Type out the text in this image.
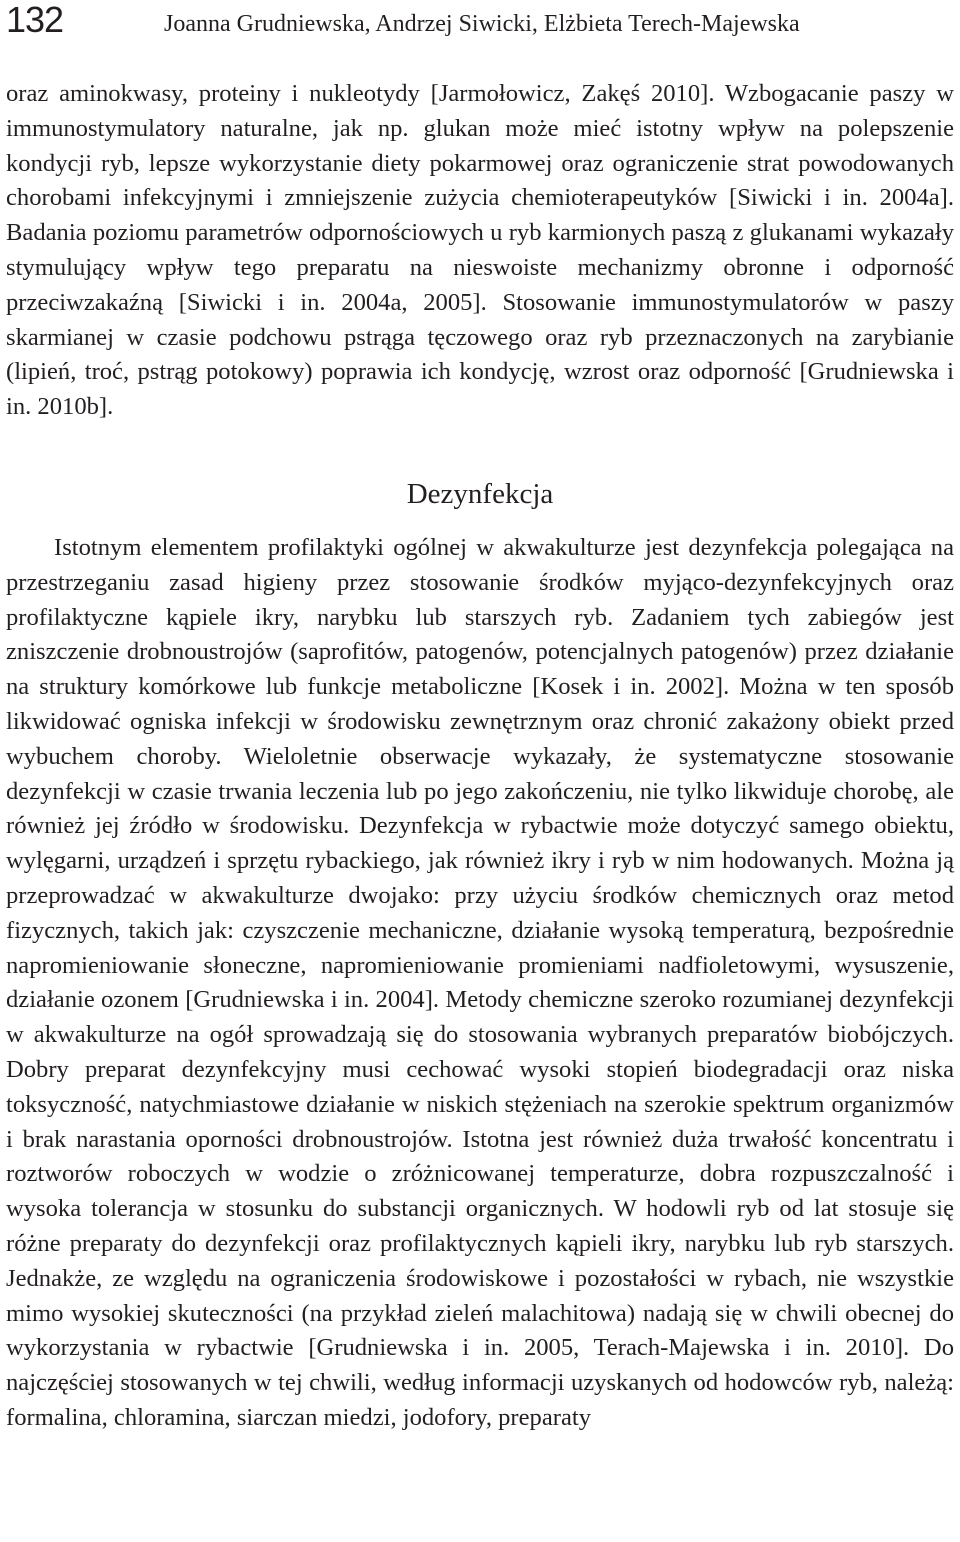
132	Joanna Grudniewska, Andrzej Siwicki, Elżbieta Terech-Majewska

oraz aminokwasy, proteiny i nukleotydy [Jarmołowicz, Zakęś 2010]. Wzbogacanie paszy w immunostymulatory naturalne, jak np. glukan może mieć istotny wpływ na polepszenie kondycji ryb, lepsze wykorzystanie diety pokarmowej oraz ograniczenie strat powodowanych chorobami infekcyjnymi i zmniejszenie zużycia chemioterapeutyków [Siwicki i in. 2004a]. Badania poziomu parametrów odpornościowych u ryb karmionych paszą z glukanami wykazały stymulujący wpływ tego preparatu na nieswoiste mechanizmy obronne i odporność przeciwzakaźną [Siwicki i in. 2004a, 2005]. Stosowanie immunostymulatorów w paszy skarmianej w czasie podchowu pstrąga tęczowego oraz ryb przeznaczonych na zarybianie (lipień, troć, pstrąg potokowy) poprawia ich kondycję, wzrost oraz odporność [Grudniewska i in. 2010b].

Dezynfekcja

Istotnym elementem profilaktyki ogólnej w akwakulturze jest dezynfekcja polegająca na przestrzeganiu zasad higieny przez stosowanie środków myjąco-dezynfekcyjnych oraz profilaktyczne kąpiele ikry, narybku lub starszych ryb. Zadaniem tych zabiegów jest zniszczenie drobnoustrojów (saprofitów, patogenów, potencjalnych patogenów) przez działanie na struktury komórkowe lub funkcje metaboliczne [Kosek i in. 2002]. Można w ten sposób likwidować ogniska infekcji w środowisku zewnętrznym oraz chronić zakażony obiekt przed wybuchem choroby. Wieloletnie obserwacje wykazały, że systematyczne stosowanie dezynfekcji w czasie trwania leczenia lub po jego zakończeniu, nie tylko likwiduje chorobę, ale również jej źródło w środowisku. Dezynfekcja w rybactwie może dotyczyć samego obiektu, wylęgarni, urządzeń i sprzętu rybackiego, jak również ikry i ryb w nim hodowanych. Można ją przeprowadzać w akwakulturze dwojako: przy użyciu środków chemicznych oraz metod fizycznych, takich jak: czyszczenie mechaniczne, działanie wysoką temperaturą, bezpośrednie napromieniowanie słoneczne, napromieniowanie promieniami nadfioletowymi, wysuszenie, działanie ozonem [Grudniewska i in. 2004]. Metody chemiczne szeroko rozumianej dezynfekcji w akwakulturze na ogół sprowadzają się do stosowania wybranych preparatów biobójczych. Dobry preparat dezynfekcyjny musi cechować wysoki stopień biodegradacji oraz niska toksyczność, natychmiastowe działanie w niskich stężeniach na szerokie spektrum organizmów i brak narastania oporności drobnoustrojów. Istotna jest również duża trwałość koncentratu i roztworów roboczych w wodzie o zróżnicowanej temperaturze, dobra rozpuszczalność i wysoka tolerancja w stosunku do substancji organicznych. W hodowli ryb od lat stosuje się różne preparaty do dezynfekcji oraz profilaktycznych kąpieli ikry, narybku lub ryb starszych. Jednakże, ze względu na ograniczenia środowiskowe i pozostałości w rybach, nie wszystkie mimo wysokiej skuteczności (na przykład zieleń malachitowa) nadają się w chwili obecnej do wykorzystania w rybactwie [Grudniewska i in. 2005, Terach-Majewska i in. 2010]. Do najczęściej stosowanych w tej chwili, według informacji uzyskanych od hodowców ryb, należą: formalina, chloramina, siarczan miedzi, jodofory, preparaty
